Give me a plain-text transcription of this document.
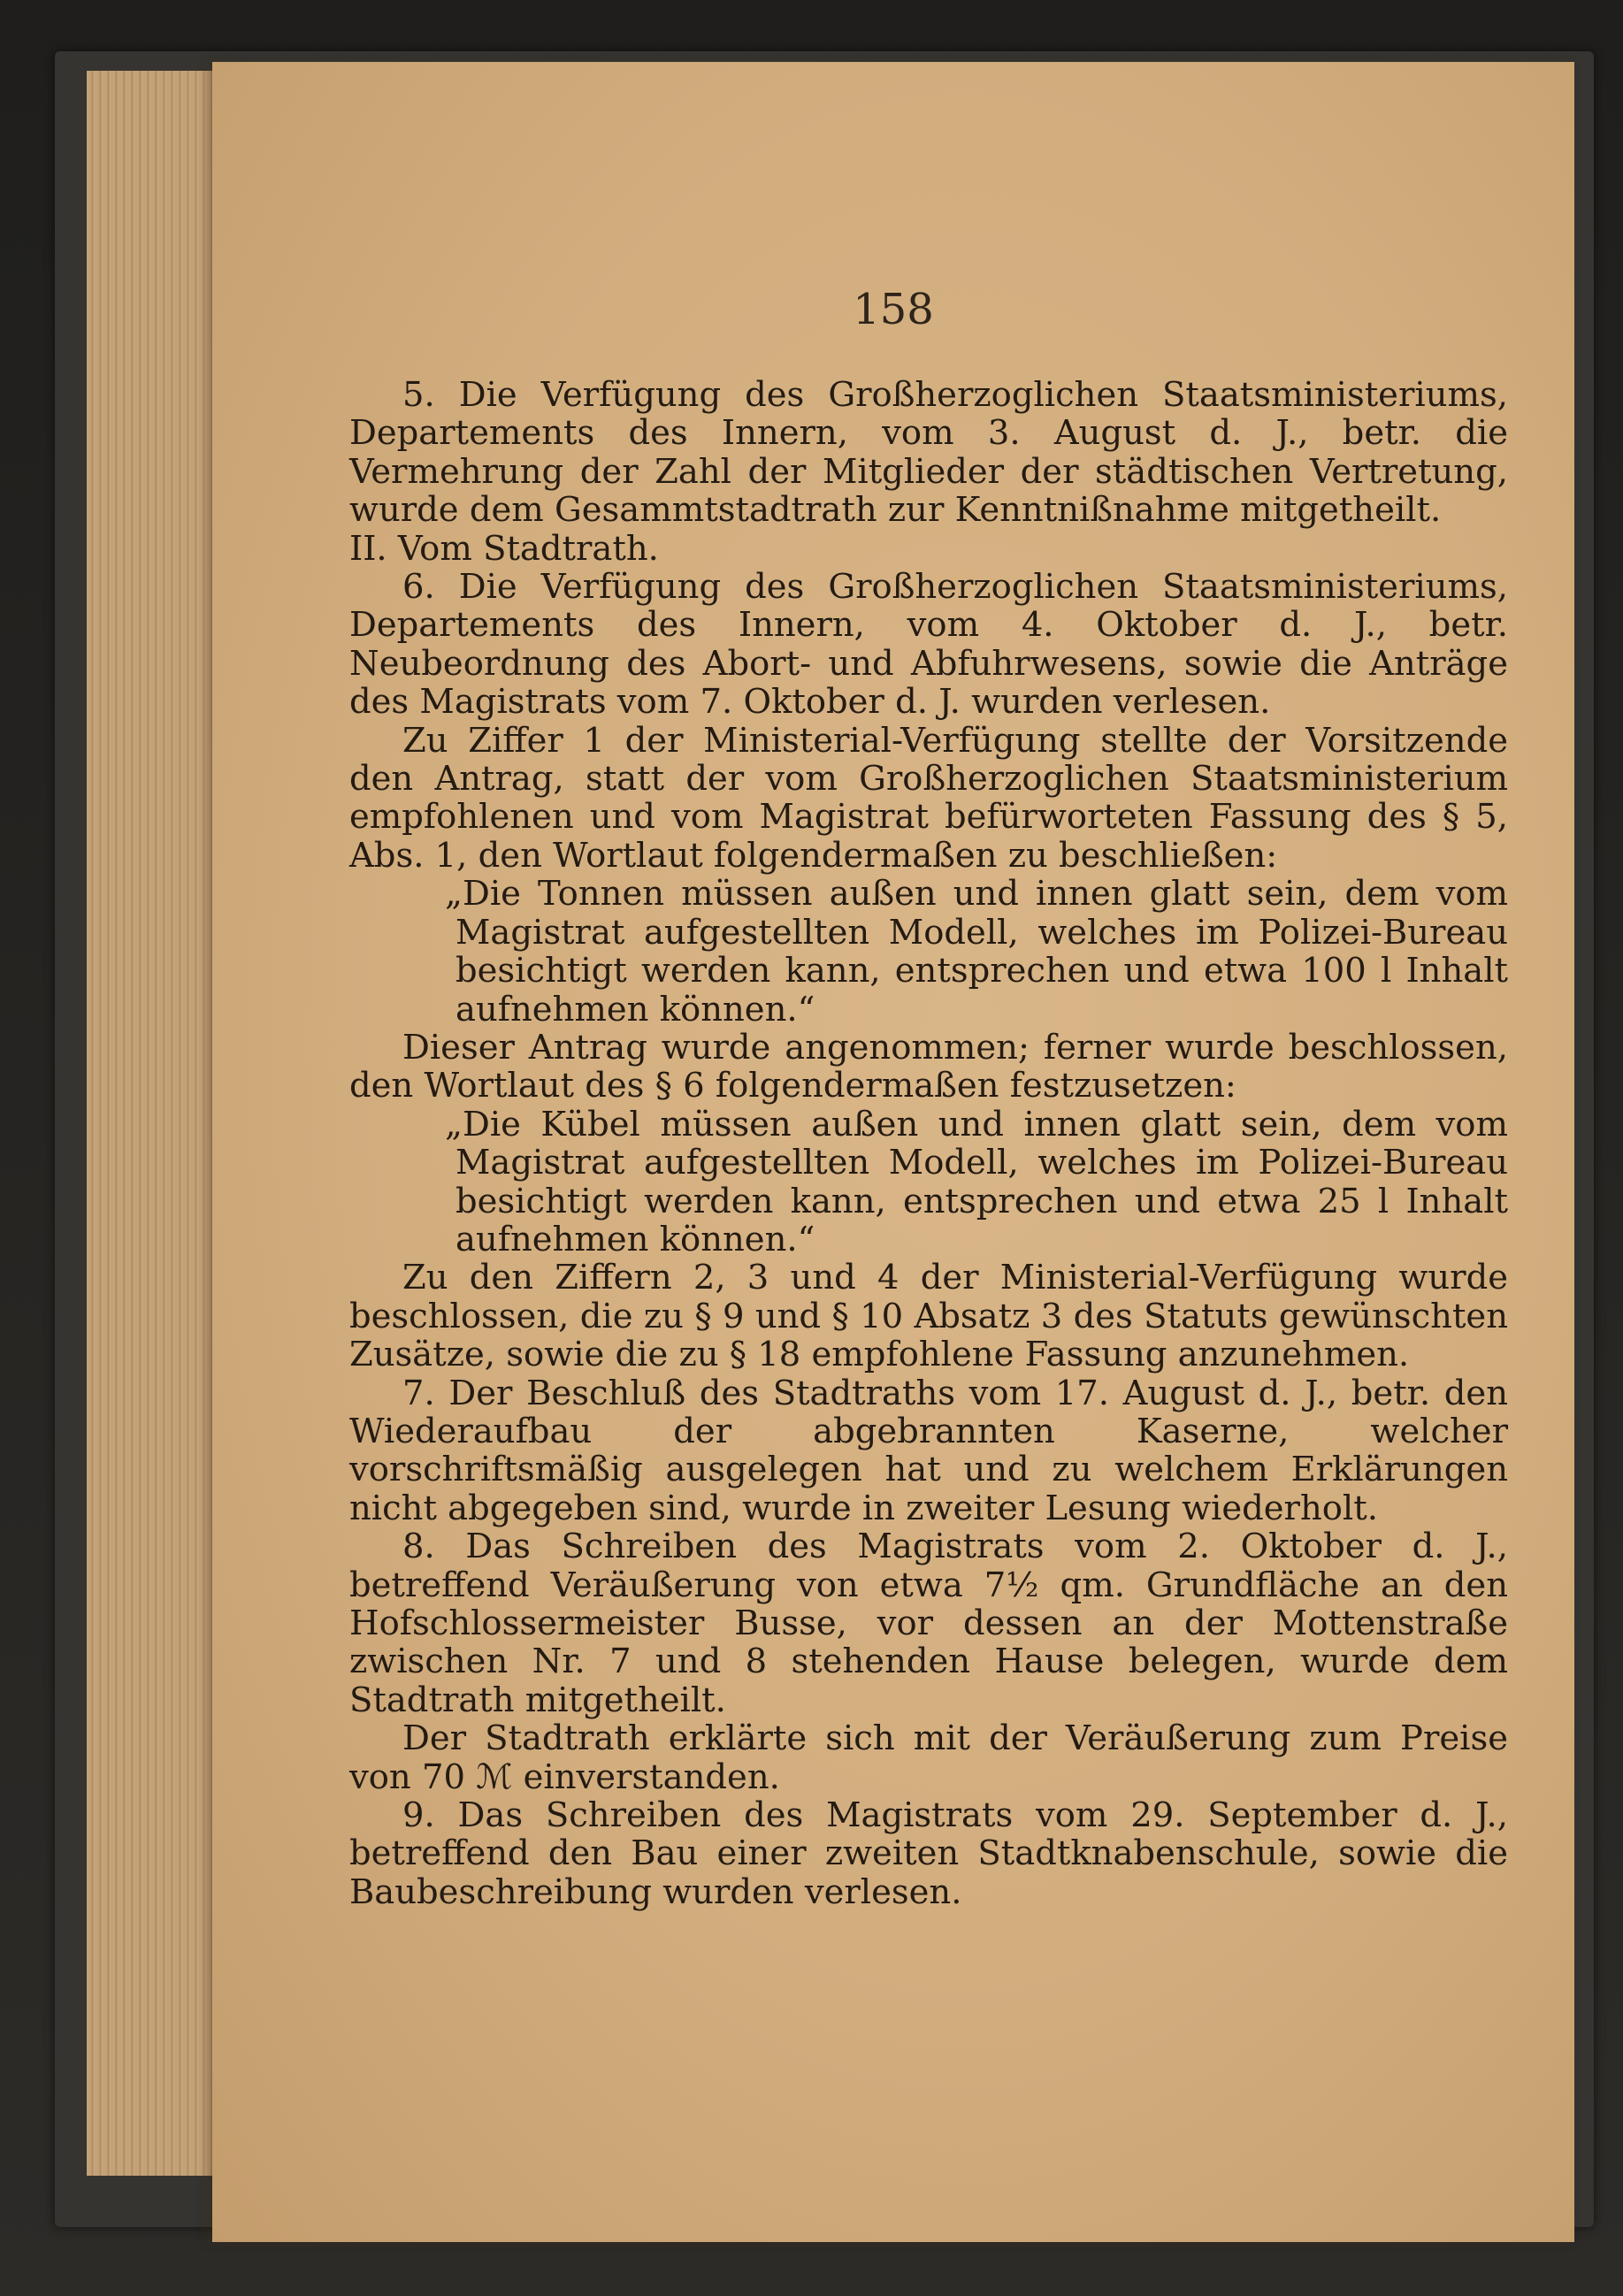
158

5. Die Verfügung des Großherzoglichen Staatsministeriums, Departements des Innern, vom 3. August d. J., betr. die Vermehrung der Zahl der Mitglieder der städtischen Vertretung, wurde dem Gesammtstadtrath zur Kenntnißnahme mitgetheilt.

II. Vom Stadtrath.

6. Die Verfügung des Großherzoglichen Staatsministeriums, Departements des Innern, vom 4. Oktober d. J., betr. Neubeordnung des Abort- und Abfuhrwesens, sowie die Anträge des Magistrats vom 7. Oktober d. J. wurden verlesen.

Zu Ziffer 1 der Ministerial-Verfügung stellte der Vorsitzende den Antrag, statt der vom Großherzoglichen Staatsministerium empfohlenen und vom Magistrat befürworteten Fassung des § 5, Abs. 1, den Wortlaut folgendermaßen zu beschließen:

„Die Tonnen müssen außen und innen glatt sein, dem vom Magistrat aufgestellten Modell, welches im Polizei-Bureau besichtigt werden kann, entsprechen und etwa 100 l Inhalt aufnehmen können.“

Dieser Antrag wurde angenommen; ferner wurde beschlossen, den Wortlaut des § 6 folgendermaßen festzusetzen:

„Die Kübel müssen außen und innen glatt sein, dem vom Magistrat aufgestellten Modell, welches im Polizei-Bureau besichtigt werden kann, entsprechen und etwa 25 l Inhalt aufnehmen können.“

Zu den Ziffern 2, 3 und 4 der Ministerial-Verfügung wurde beschlossen, die zu § 9 und § 10 Absatz 3 des Statuts gewünschten Zusätze, sowie die zu § 18 empfohlene Fassung anzunehmen.

7. Der Beschluß des Stadtraths vom 17. August d. J., betr. den Wiederaufbau der abgebrannten Kaserne, welcher vorschriftsmäßig ausgelegen hat und zu welchem Erklärungen nicht abgegeben sind, wurde in zweiter Lesung wiederholt.

8. Das Schreiben des Magistrats vom 2. Oktober d. J., betreffend Veräußerung von etwa 7½ qm. Grundfläche an den Hofschlossermeister Busse, vor dessen an der Mottenstraße zwischen Nr. 7 und 8 stehenden Hause belegen, wurde dem Stadtrath mitgetheilt.

Der Stadtrath erklärte sich mit der Veräußerung zum Preise von 70 ℳ einverstanden.

9. Das Schreiben des Magistrats vom 29. September d. J., betreffend den Bau einer zweiten Stadtknabenschule, sowie die Baubeschreibung wurden verlesen.
